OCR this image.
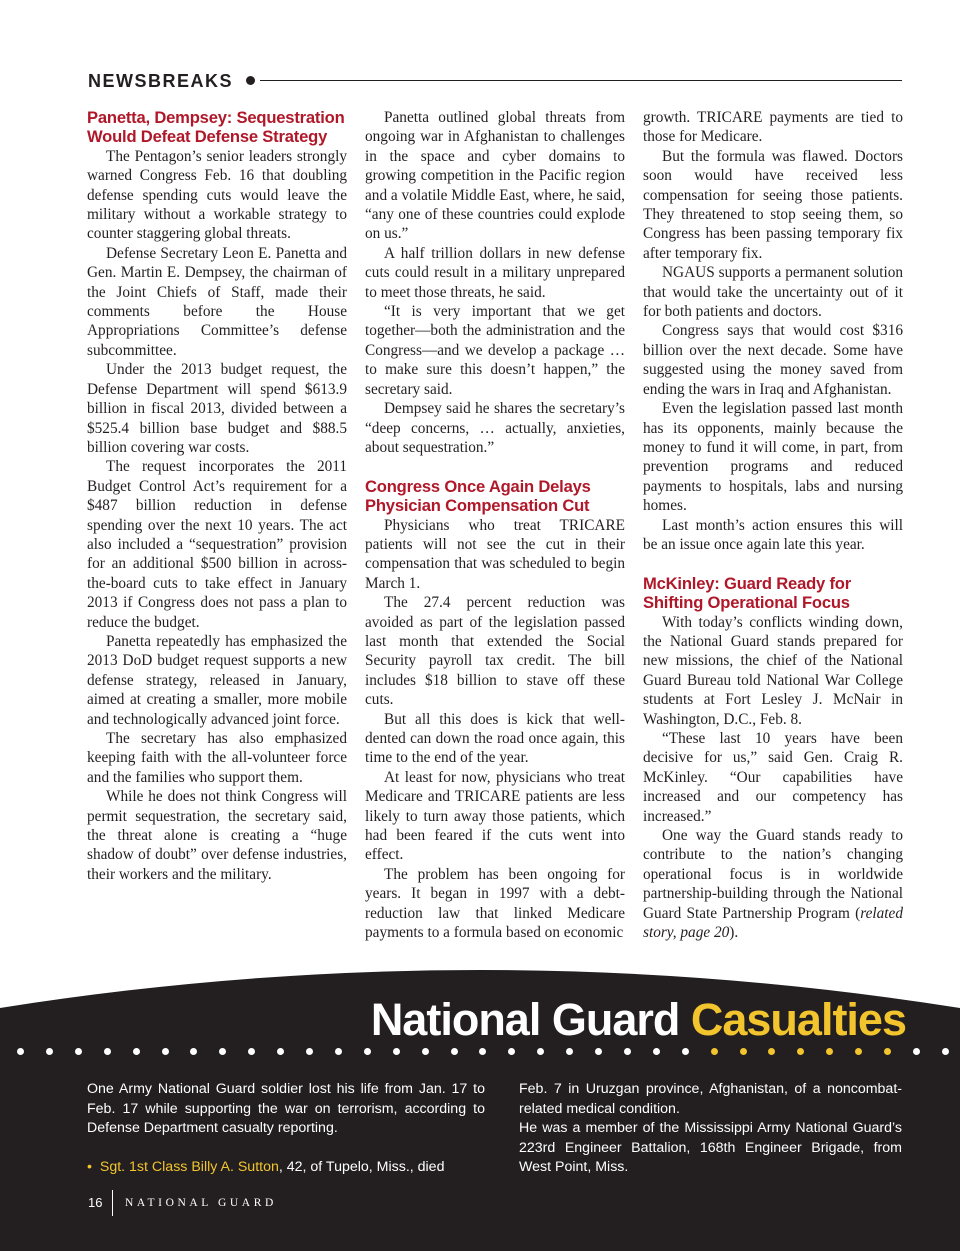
NEWSBREAKS
Panetta, Dempsey: Sequestration
Would Defeat Defense Strategy

The Pentagon’s senior leaders strongly warned Congress Feb. 16 that doubling defense spending cuts would leave the military without a workable strategy to counter staggering global threats.

Defense Secretary Leon E. Panetta and Gen. Martin E. Dempsey, the chairman of the Joint Chiefs of Staff, made their comments before the House Appropriations Committee’s defense subcommittee.

Under the 2013 budget request, the Defense Department will spend $613.9 billion in fiscal 2013, divided between a $525.4 billion base budget and $88.5 billion covering war costs.

The request incorporates the 2011 Budget Control Act’s requirement for a $487 billion reduction in defense spending over the next 10 years. The act also included a “sequestration” provision for an additional $500 billion in across-the-board cuts to take effect in January 2013 if Congress does not pass a plan to reduce the budget.

Panetta repeatedly has emphasized the 2013 DoD budget request supports a new defense strategy, released in January, aimed at creating a smaller, more mobile and technologically advanced joint force.

The secretary has also emphasized keeping faith with the all-volunteer force and the families who support them.

While he does not think Congress will permit sequestration, the secretary said, the threat alone is creating a “huge shadow of doubt” over defense industries, their workers and the military.

Panetta outlined global threats from ongoing war in Afghanistan to challenges in the space and cyber domains to growing competition in the Pacific region and a volatile Middle East, where, he said, “any one of these countries could explode on us.”

A half trillion dollars in new defense cuts could result in a military unprepared to meet those threats, he said.

“It is very important that we get together—both the administration and the Congress—and we develop a package … to make sure this doesn’t happen,” the secretary said.

Dempsey said he shares the secretary’s “deep concerns, … actually, anxieties, about sequestration.”

Congress Once Again Delays
Physician Compensation Cut

Physicians who treat TRICARE patients will not see the cut in their compensation that was scheduled to begin March 1.

The 27.4 percent reduction was avoided as part of the legislation passed last month that extended the Social Security payroll tax credit. The bill includes $18 billion to stave off these cuts.

But all this does is kick that well-dented can down the road once again, this time to the end of the year.

At least for now, physicians who treat Medicare and TRICARE patients are less likely to turn away those patients, which had been feared if the cuts went into effect.

The problem has been ongoing for years. It began in 1997 with a debt-reduction law that linked Medicare payments to a formula based on economic

growth. TRICARE payments are tied to those for Medicare.

But the formula was flawed. Doctors soon would have received less compensation for seeing those patients. They threatened to stop seeing them, so Congress has been passing temporary fix after temporary fix.

NGAUS supports a permanent solution that would take the uncertainty out of it for both patients and doctors.

Congress says that would cost $316 billion over the next decade. Some have suggested using the money saved from ending the wars in Iraq and Afghanistan.

Even the legislation passed last month has its opponents, mainly because the money to fund it will come, in part, from prevention programs and reduced payments to hospitals, labs and nursing homes.

Last month’s action ensures this will be an issue once again late this year.

McKinley: Guard Ready for
Shifting Operational Focus

With today’s conflicts winding down, the National Guard stands prepared for new missions, the chief of the National Guard Bureau told National War College students at Fort Lesley J. McNair in Washington, D.C., Feb. 8.

“These last 10 years have been decisive for us,” said Gen. Craig R. McKinley. “Our capabilities have increased and our competency has increased.”

One way the Guard stands ready to contribute to the nation’s changing operational focus is in worldwide partnership-building through the National Guard State Partnership Program (related story, page 20).

National Guard Casualties

One Army National Guard soldier lost his life from Jan. 17 to Feb. 17 while supporting the war on terrorism, according to Defense Department casualty reporting.

• Sgt. 1st Class Billy A. Sutton, 42, of Tupelo, Miss., died

Feb. 7 in Uruzgan province, Afghanistan, of a noncombat-related medical condition.

He was a member of the Mississippi Army National Guard’s 223rd Engineer Battalion, 168th Engineer Brigade, from West Point, Miss.

16 NATIONAL GUARD
